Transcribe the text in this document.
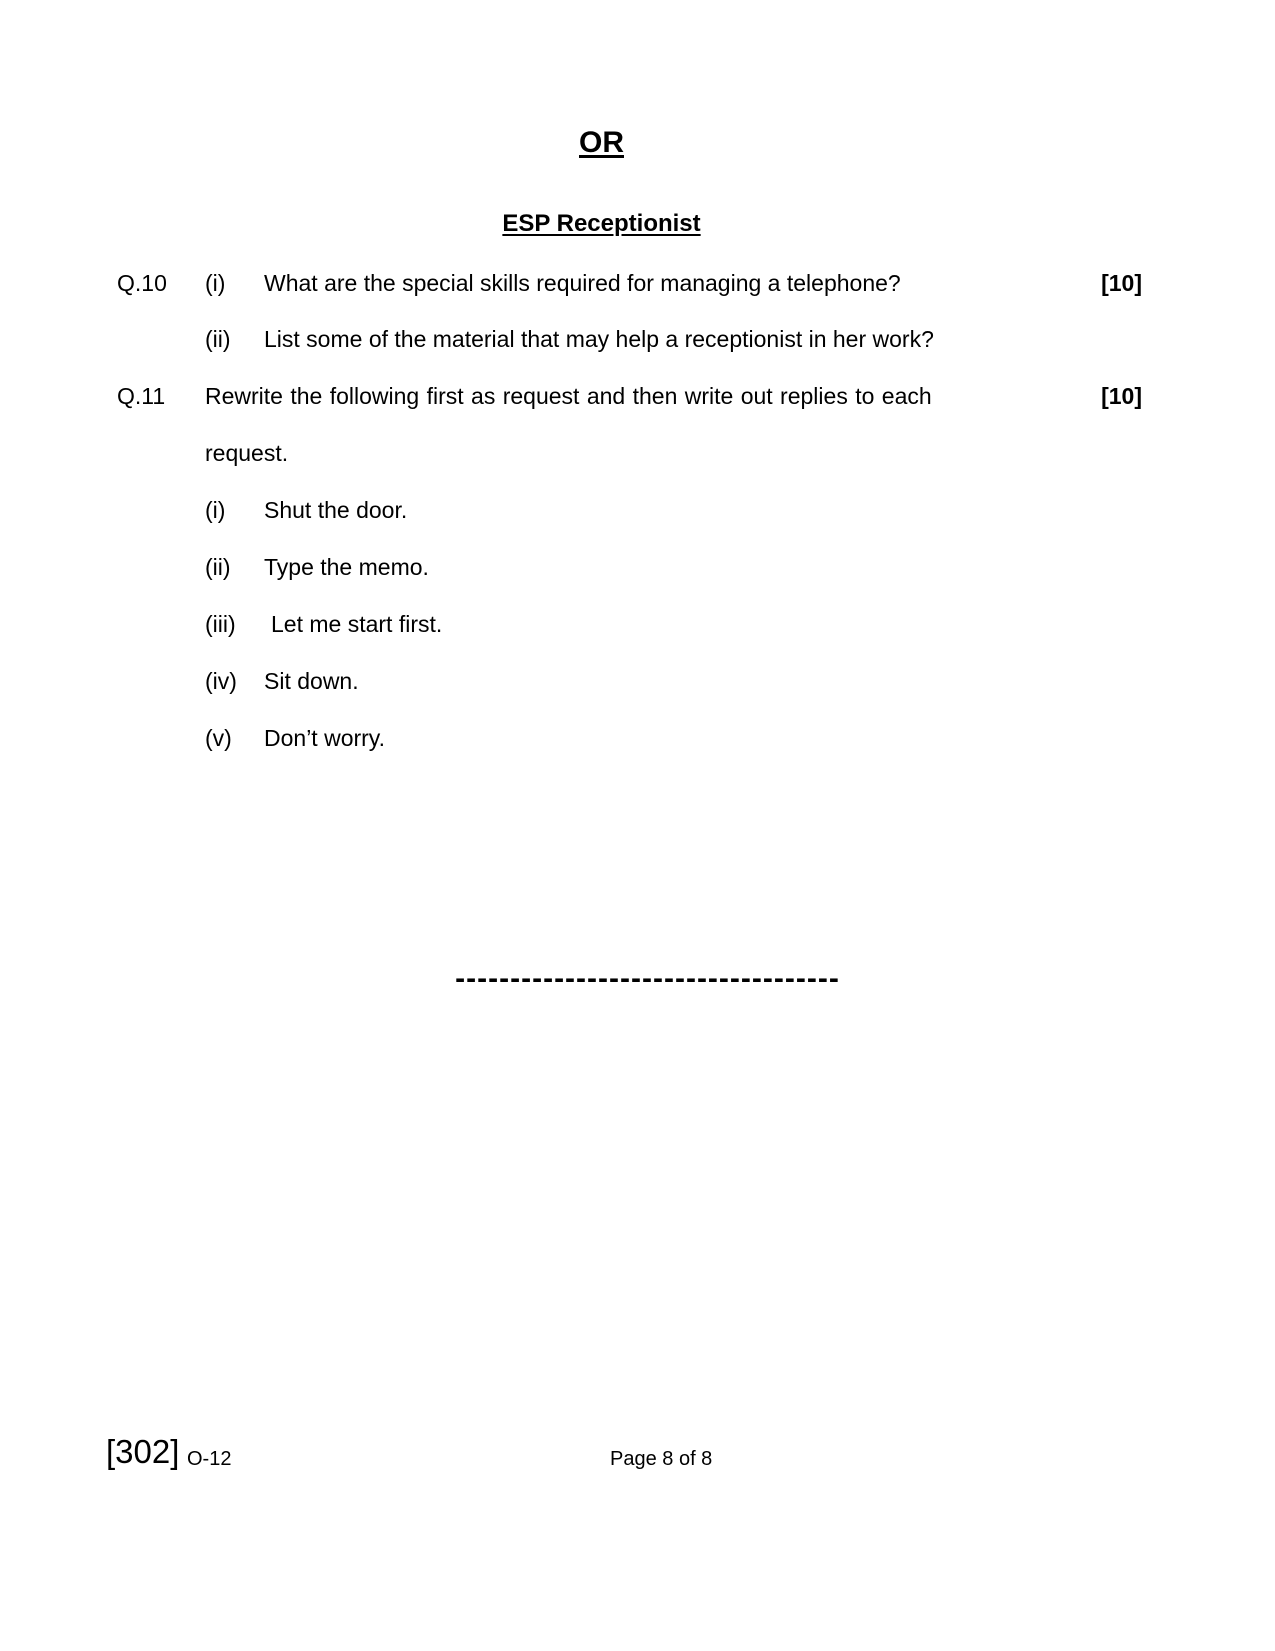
OR
ESP Receptionist
Q.10 (i) What are the special skills required for managing a telephone?	[10]
(ii) List some of the material that may help a receptionist in her work?
Q.11 Rewrite the following first as request and then write out replies to each	[10]
request.
(i) Shut the door.
(ii) Type the memo.
(iii) Let me start first.
(iv) Sit down.
(v) Don’t worry.
-----------------------------------
[302] O-12	Page 8 of 8
